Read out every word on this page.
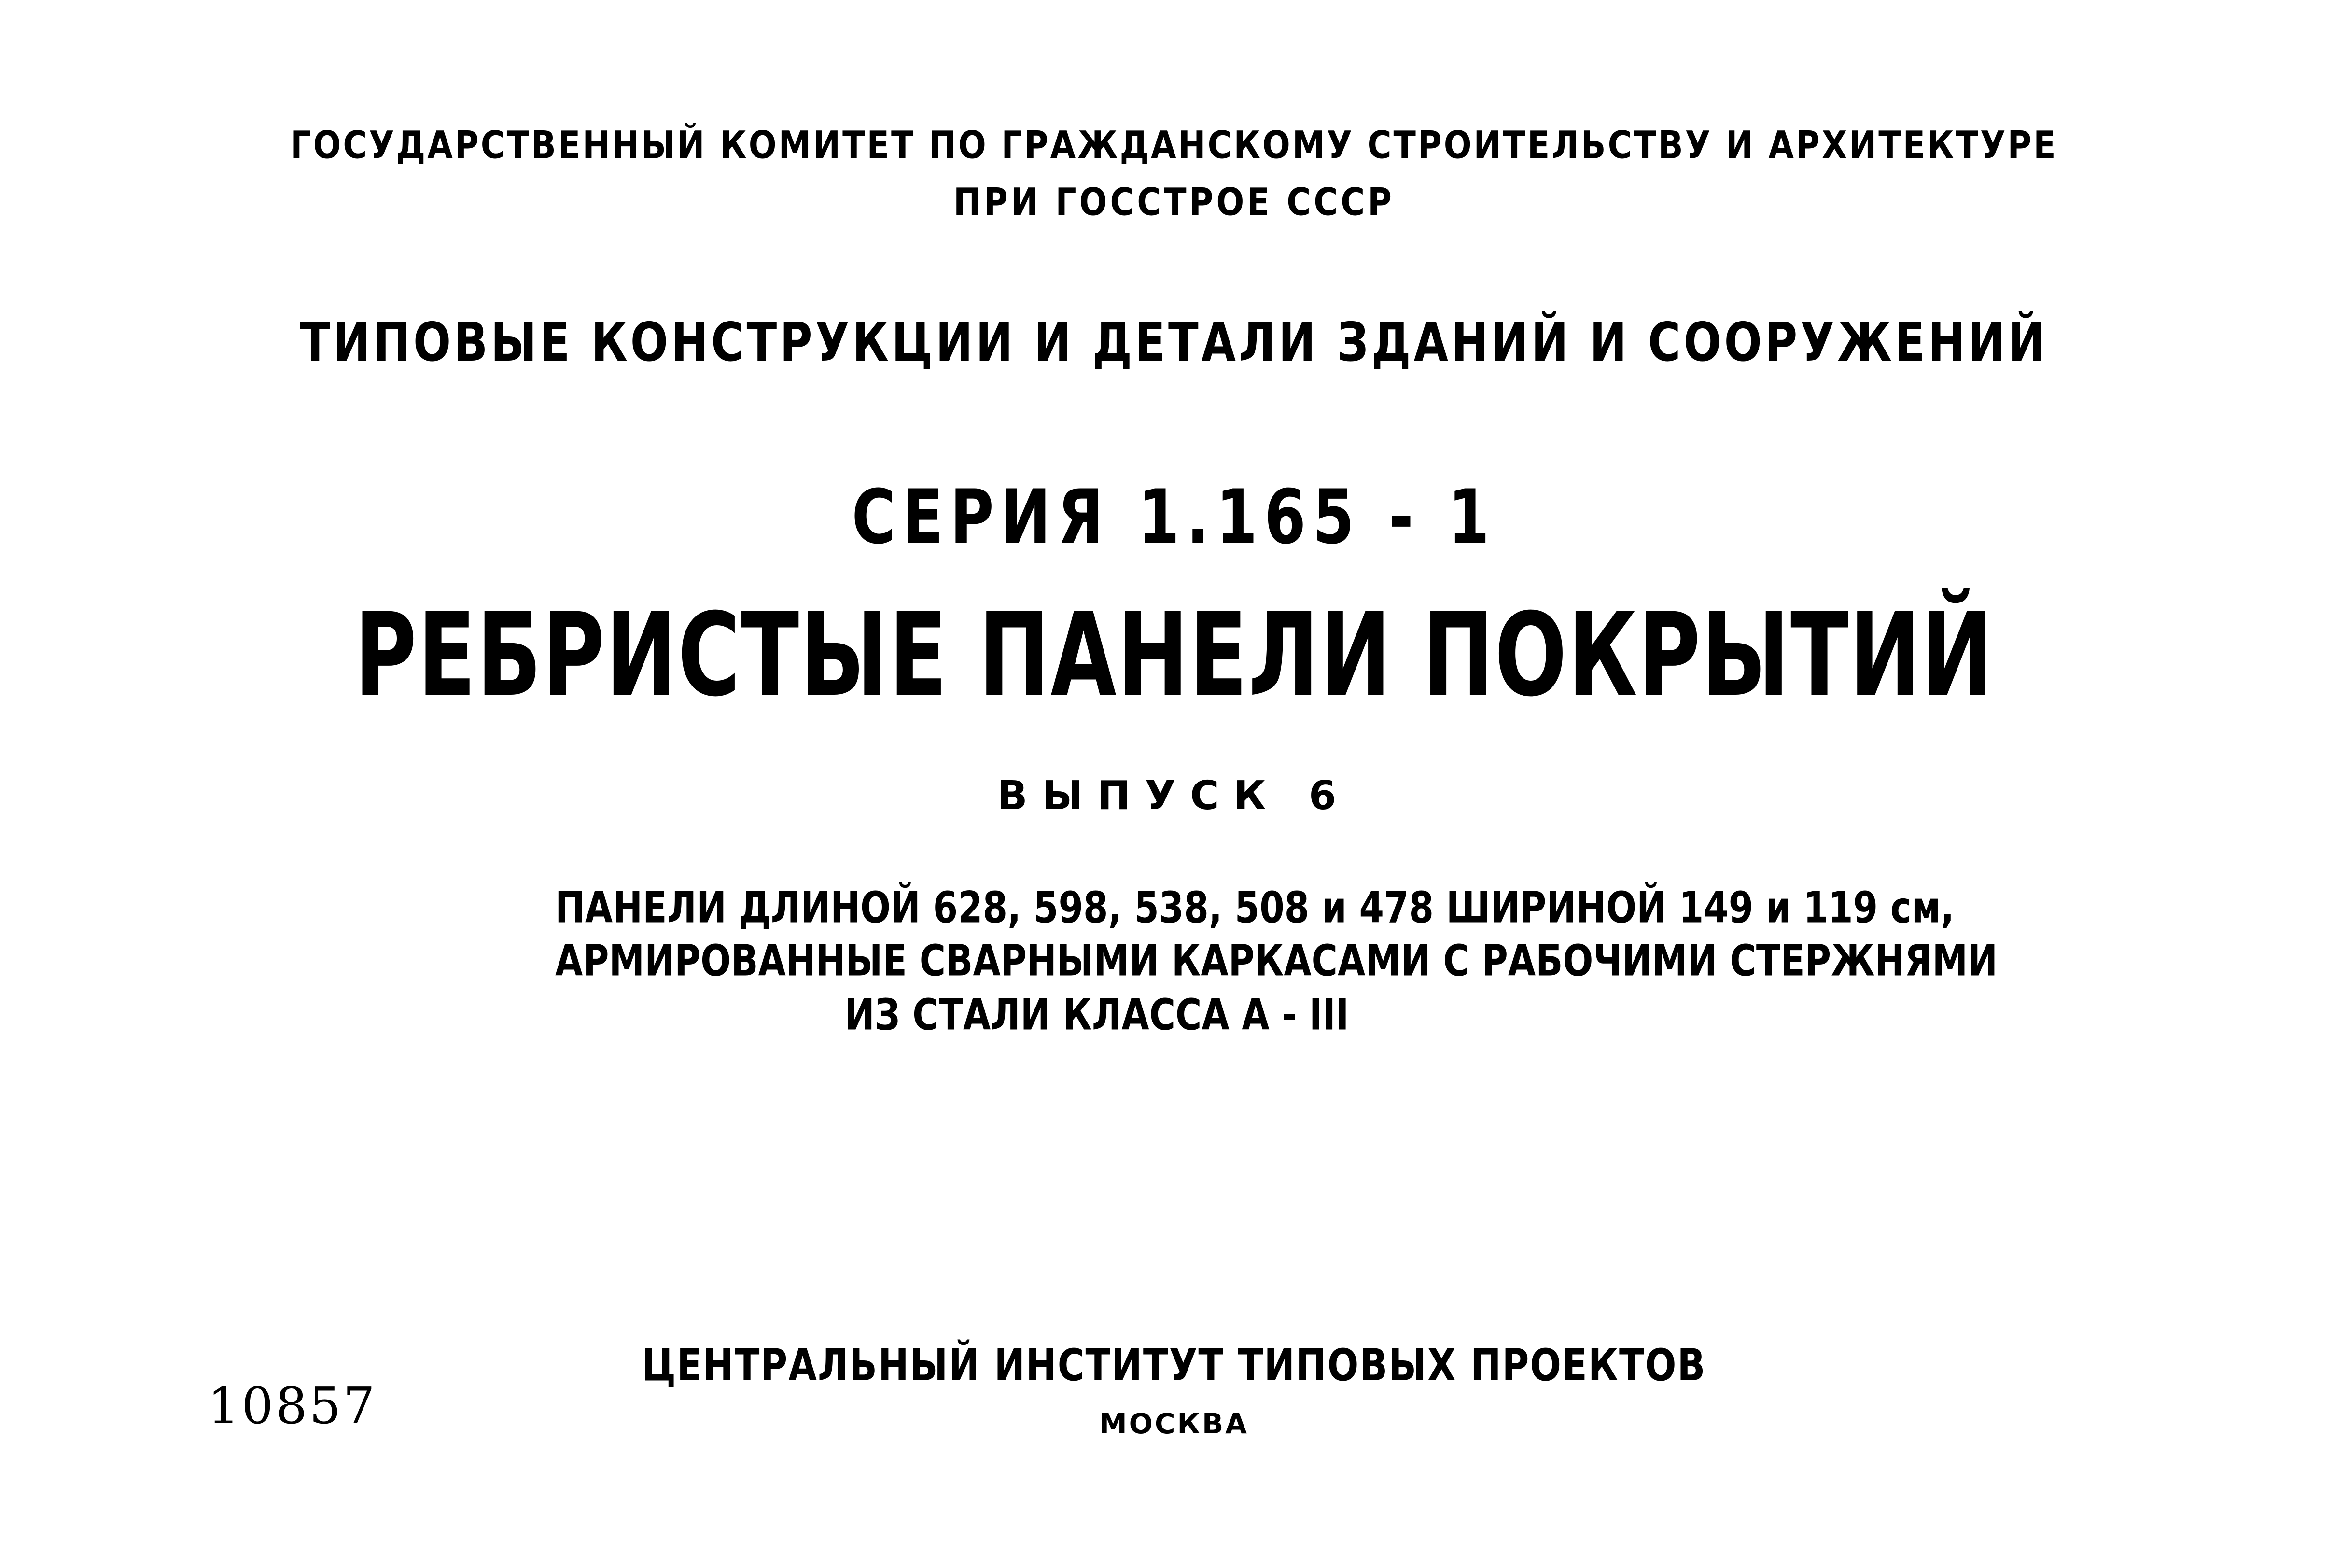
ГОСУДАРСТВЕННЫЙ КОМИТЕТ ПО ГРАЖДАНСКОМУ СТРОИТЕЛЬСТВУ И АРХИТЕКТУРЕ
ПРИ ГОССТРОЕ СССР
ТИПОВЫЕ КОНСТРУКЦИИ И ДЕТАЛИ ЗДАНИЙ И СООРУЖЕНИЙ
СЕРИЯ 1.165 - 1
РЕБРИСТЫЕ ПАНЕЛИ ПОКРЫТИЙ
ВЫПУСК 6
ПАНЕЛИ ДЛИНОЙ 628, 598, 538, 508 и 478 ШИРИНОЙ 149 и 119 см,
АРМИРОВАННЫЕ СВАРНЫМИ КАРКАСАМИ С РАБОЧИМИ СТЕРЖНЯМИ
ИЗ СТАЛИ КЛАССА А - III
ЦЕНТРАЛЬНЫЙ ИНСТИТУТ ТИПОВЫХ ПРОЕКТОВ
МОСКВА
10857
